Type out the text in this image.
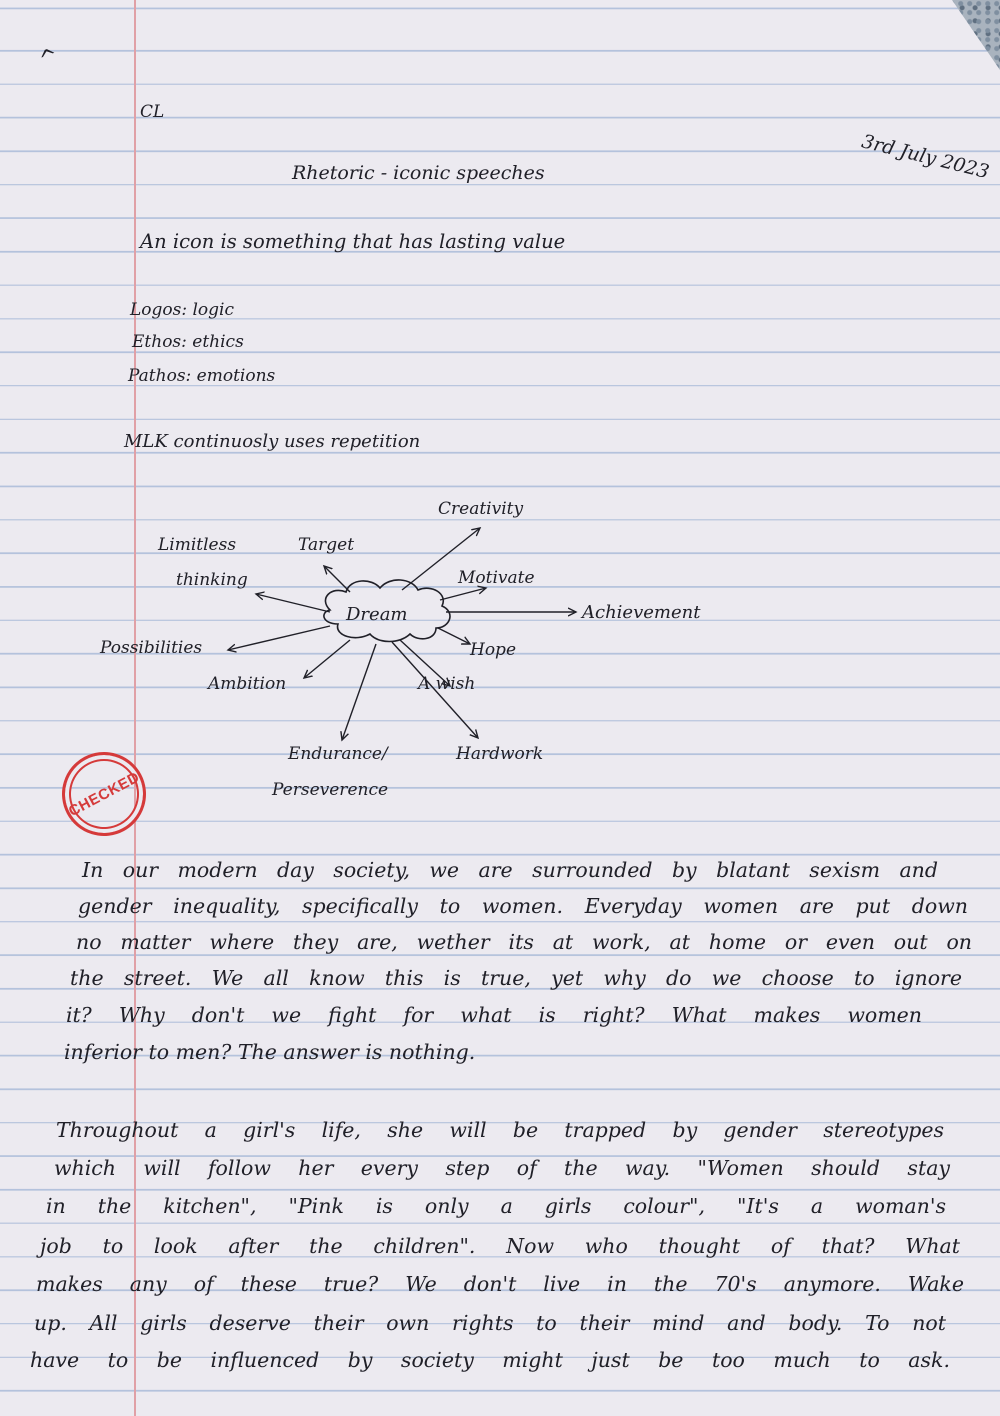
^
CL
3rd July 2023
Rhetoric - iconic speeches
An icon is something that has lasting value
Logos: logic
Ethos: ethics
Pathos: emotions
MLK continuosly uses repetition
Dream
Creativity
Target
Limitless
thinking	Motivate
Achievement
Possibilities	Hope
Ambition	A wish
Endurance/
Perseverence
Hardwork
CHECKED
In our modern day society, we are surrounded by blatant sexism and
gender inequality, specifically to women. Everyday women are put down
no matter where they are, wether its at work, at home or even out on
the street. We all know this is true, yet why do we choose to ignore
it? Why don't we fight for what is right? What makes women
inferior to men? The answer is nothing.
Throughout a girl's life, she will be trapped by gender stereotypes
which will follow her every step of the way. "Women should stay
in the kitchen", "Pink is only a girls colour", "It's a woman's
job to look after the children". Now who thought of that? What
makes any of these true? We don't live in the 70's anymore. Wake
up. All girls deserve their own rights to their mind and body. To not
have to be influenced by society might just be too much to ask.
